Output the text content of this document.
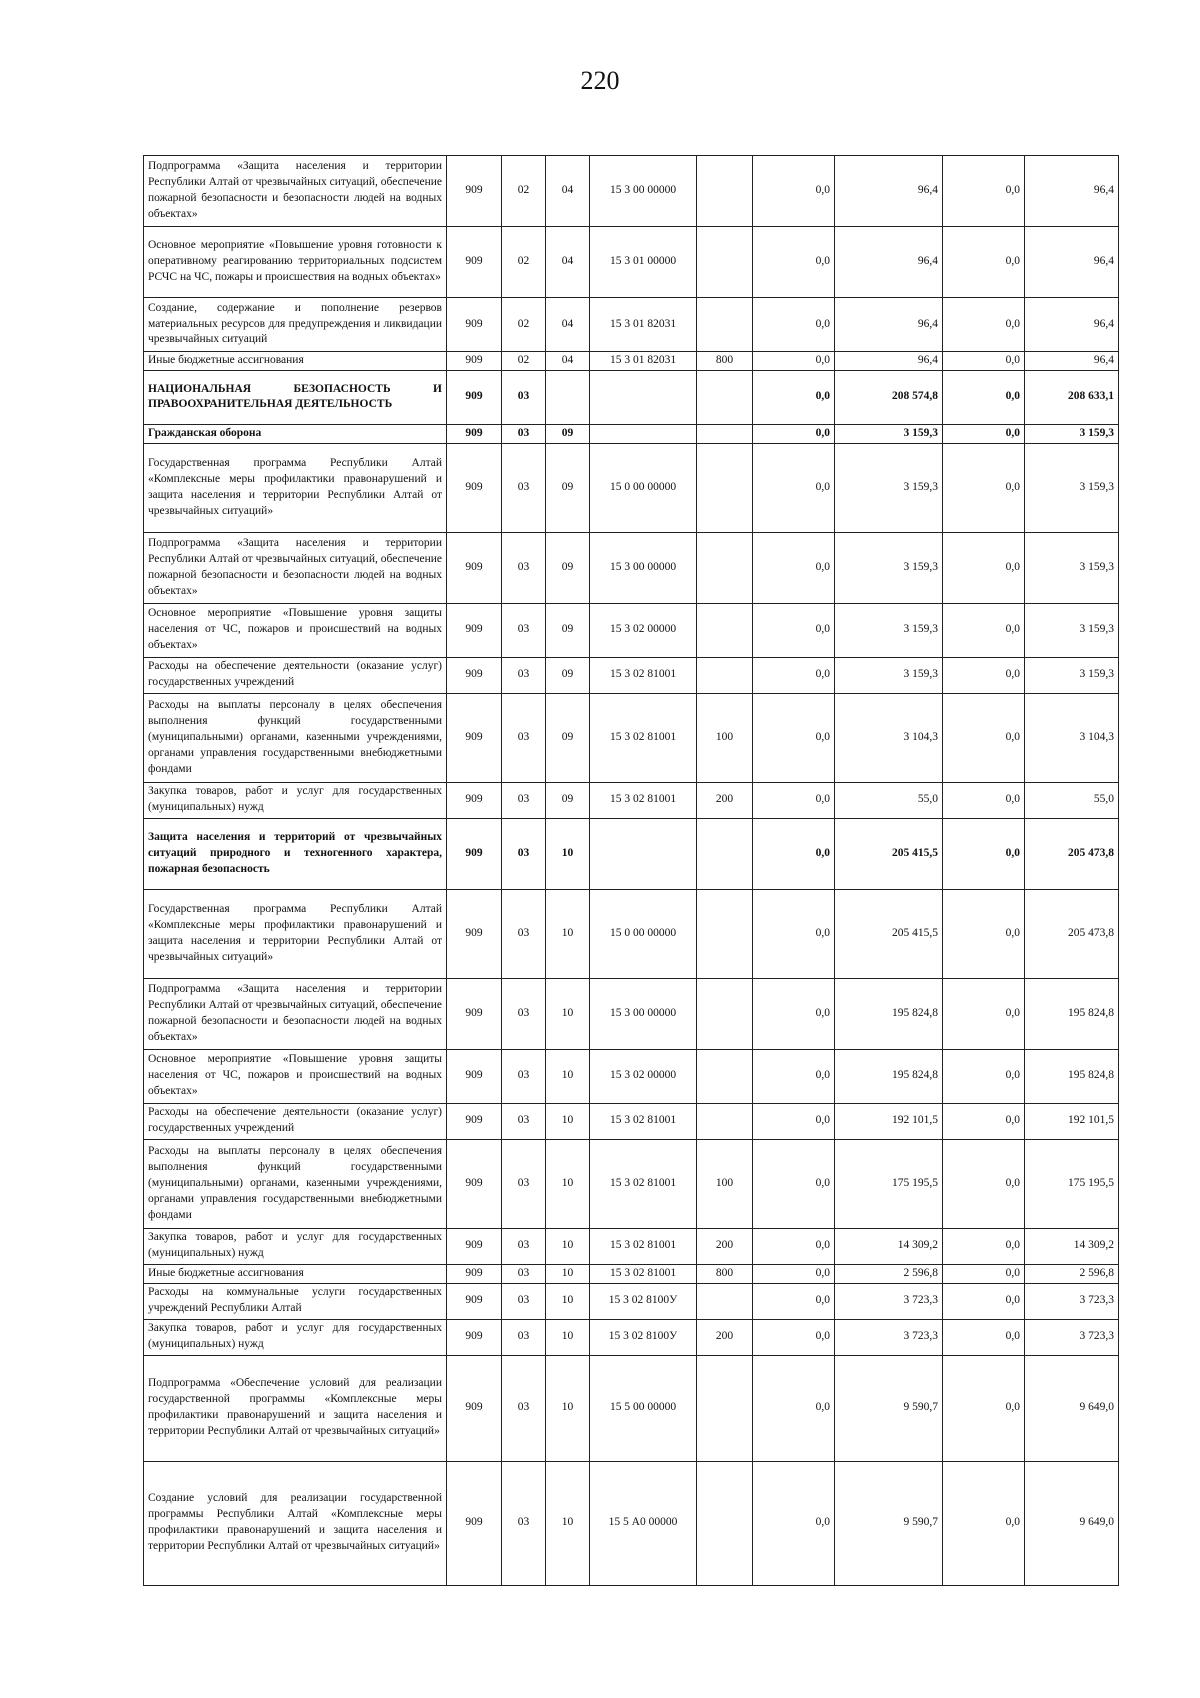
220
Подпрограмма «Защита населения и территории Республики Алтай от чрезвычайных ситуаций, обеспечение пожарной безопасности и безопасности людей на водных объектах»	909	02	04	15 3 00 00000		0,0	96,4	0,0	96,4
Основное мероприятие «Повышение уровня готовности к оперативному реагированию территориальных подсистем РСЧС на ЧС, пожары и происшествия на водных объектах»	909	02	04	15 3 01 00000		0,0	96,4	0,0	96,4
Создание, содержание и пополнение резервов материальных ресурсов для предупреждения и ликвидации чрезвычайных ситуаций	909	02	04	15 3 01 82031		0,0	96,4	0,0	96,4
Иные бюджетные ассигнования	909	02	04	15 3 01 82031	800	0,0	96,4	0,0	96,4
НАЦИОНАЛЬНАЯ БЕЗОПАСНОСТЬ И ПРАВООХРАНИТЕЛЬНАЯ ДЕЯТЕЛЬНОСТЬ	909	03				0,0	208 574,8	0,0	208 633,1
Гражданская оборона	909	03	09			0,0	3 159,3	0,0	3 159,3
Государственная программа Республики Алтай «Комплексные меры профилактики правонарушений и защита населения и территории Республики Алтай от чрезвычайных ситуаций»	909	03	09	15 0 00 00000		0,0	3 159,3	0,0	3 159,3
Подпрограмма «Защита населения и территории Республики Алтай от чрезвычайных ситуаций, обеспечение пожарной безопасности и безопасности людей на водных объектах»	909	03	09	15 3 00 00000		0,0	3 159,3	0,0	3 159,3
Основное мероприятие «Повышение уровня защиты населения от ЧС, пожаров и происшествий на водных объектах»	909	03	09	15 3 02 00000		0,0	3 159,3	0,0	3 159,3
Расходы на обеспечение деятельности (оказание услуг) государственных учреждений	909	03	09	15 3 02 81001		0,0	3 159,3	0,0	3 159,3
Расходы на выплаты персоналу в целях обеспечения выполнения функций государственными (муниципальными) органами, казенными учреждениями, органами управления государственными внебюджетными фондами	909	03	09	15 3 02 81001	100	0,0	3 104,3	0,0	3 104,3
Закупка товаров, работ и услуг для государственных (муниципальных) нужд	909	03	09	15 3 02 81001	200	0,0	55,0	0,0	55,0
Защита населения и территорий от чрезвычайных ситуаций природного и техногенного характера, пожарная безопасность	909	03	10			0,0	205 415,5	0,0	205 473,8
Государственная программа Республики Алтай «Комплексные меры профилактики правонарушений и защита населения и территории Республики Алтай от чрезвычайных ситуаций»	909	03	10	15 0 00 00000		0,0	205 415,5	0,0	205 473,8
Подпрограмма «Защита населения и территории Республики Алтай от чрезвычайных ситуаций, обеспечение пожарной безопасности и безопасности людей на водных объектах»	909	03	10	15 3 00 00000		0,0	195 824,8	0,0	195 824,8
Основное мероприятие «Повышение уровня защиты населения от ЧС, пожаров и происшествий на водных объектах»	909	03	10	15 3 02 00000		0,0	195 824,8	0,0	195 824,8
Расходы на обеспечение деятельности (оказание услуг) государственных учреждений	909	03	10	15 3 02 81001		0,0	192 101,5	0,0	192 101,5
Расходы на выплаты персоналу в целях обеспечения выполнения функций государственными (муниципальными) органами, казенными учреждениями, органами управления государственными внебюджетными фондами	909	03	10	15 3 02 81001	100	0,0	175 195,5	0,0	175 195,5
Закупка товаров, работ и услуг для государственных (муниципальных) нужд	909	03	10	15 3 02 81001	200	0,0	14 309,2	0,0	14 309,2
Иные бюджетные ассигнования	909	03	10	15 3 02 81001	800	0,0	2 596,8	0,0	2 596,8
Расходы на коммунальные услуги государственных учреждений Республики Алтай	909	03	10	15 3 02 8100У		0,0	3 723,3	0,0	3 723,3
Закупка товаров, работ и услуг для государственных (муниципальных) нужд	909	03	10	15 3 02 8100У	200	0,0	3 723,3	0,0	3 723,3
Подпрограмма «Обеспечение условий для реализации государственной программы «Комплексные меры профилактики правонарушений и защита населения и территории Республики Алтай от чрезвычайных ситуаций»	909	03	10	15 5 00 00000		0,0	9 590,7	0,0	9 649,0
Создание условий для реализации государственной программы Республики Алтай «Комплексные меры профилактики правонарушений и защита населения и территории Республики Алтай от чрезвычайных ситуаций»	909	03	10	15 5 А0 00000		0,0	9 590,7	0,0	9 649,0
